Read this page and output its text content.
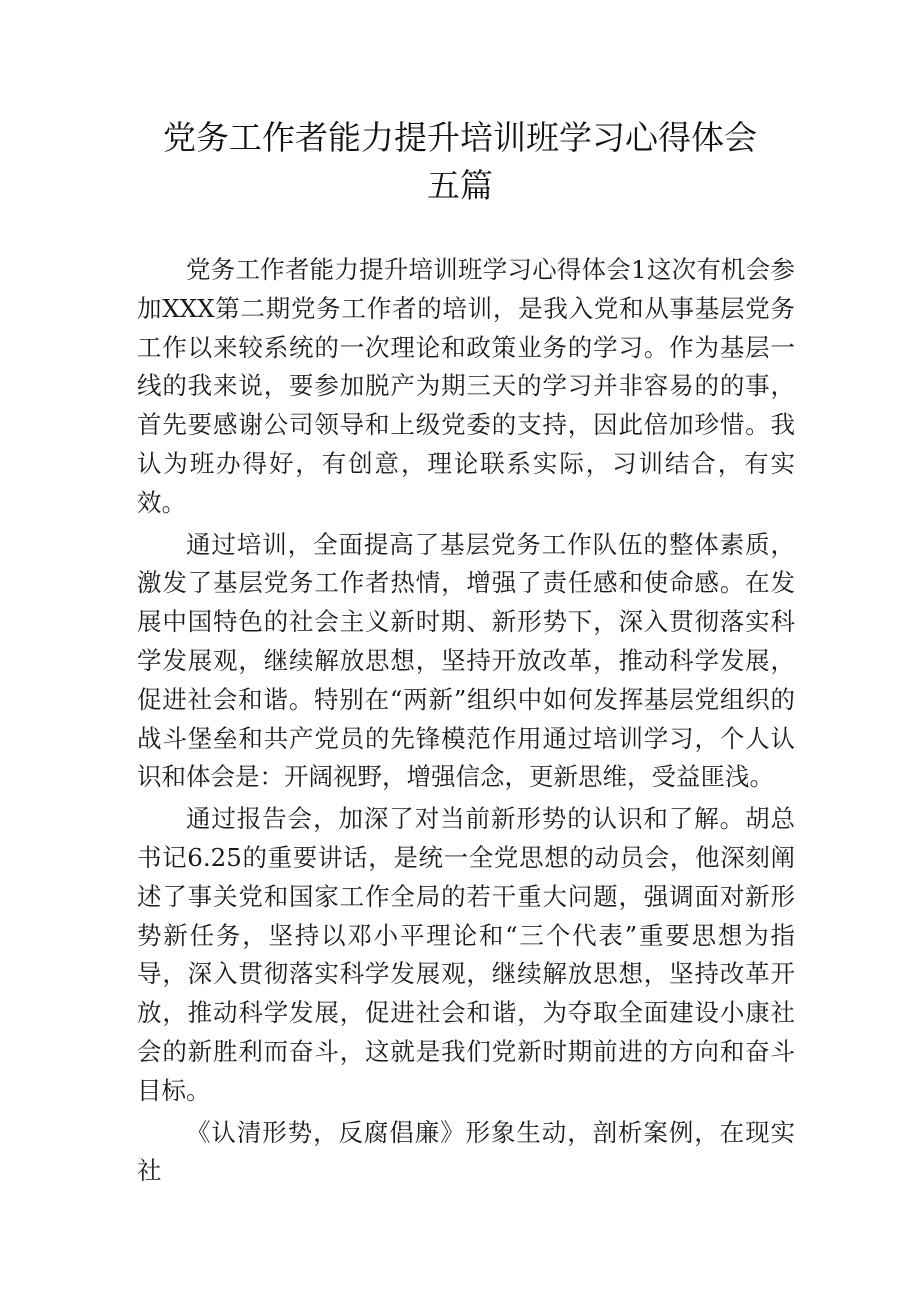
党务工作者能力提升培训班学习心得体会
五篇

党务工作者能力提升培训班学习心得体会1这次有机会参加XXX第二期党务工作者的培训，是我入党和从事基层党务工作以来较系统的一次理论和政策业务的学习。作为基层一线的我来说，要参加脱产为期三天的学习并非容易的的事，首先要感谢公司领导和上级党委的支持，因此倍加珍惜。我认为班办得好，有创意，理论联系实际，习训结合，有实效。

通过培训，全面提高了基层党务工作队伍的整体素质，激发了基层党务工作者热情，增强了责任感和使命感。在发展中国特色的社会主义新时期、新形势下，深入贯彻落实科学发展观，继续解放思想，坚持开放改革，推动科学发展，促进社会和谐。特别在“两新”组织中如何发挥基层党组织的战斗堡垒和共产党员的先锋模范作用通过培训学习，个人认识和体会是：开阔视野，增强信念，更新思维，受益匪浅。

通过报告会，加深了对当前新形势的认识和了解。胡总书记6.25的重要讲话，是统一全党思想的动员会，他深刻阐述了事关党和国家工作全局的若干重大问题，强调面对新形势新任务，坚持以邓小平理论和“三个代表”重要思想为指导，深入贯彻落实科学发展观，继续解放思想，坚持改革开放，推动科学发展，促进社会和谐，为夺取全面建设小康社会的新胜利而奋斗，这就是我们党新时期前进的方向和奋斗目标。

《认清形势，反腐倡廉》形象生动，剖析案例，在现实社
